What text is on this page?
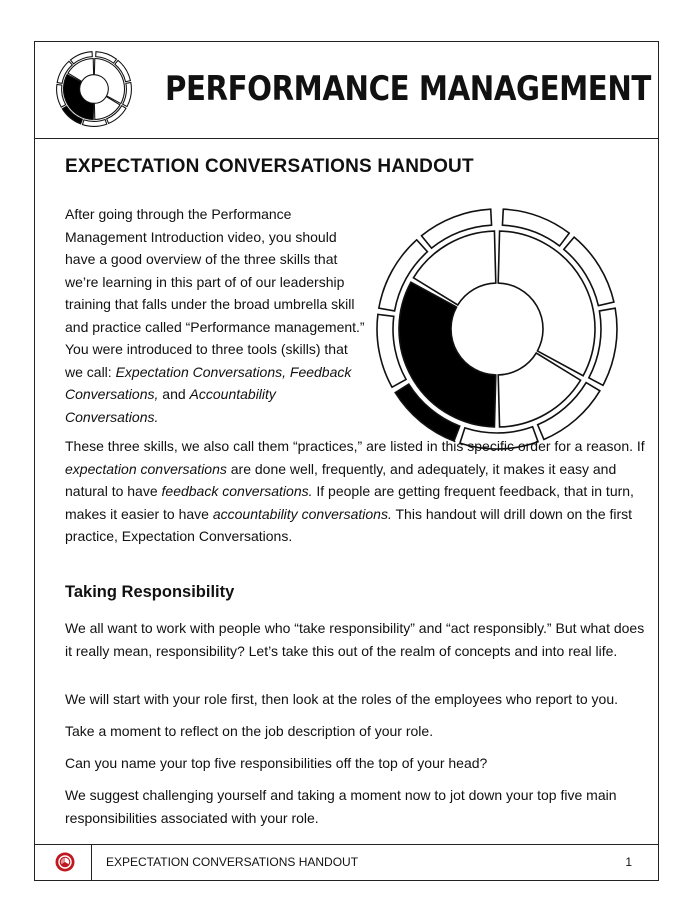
PERFORMANCE MANAGEMENT
EXPECTATION CONVERSATIONS HANDOUT
After going through the Performance Management Introduction video, you should have a good overview of the three skills that we’re learning in this part of of our leadership training that falls under the broad umbrella skill and practice called “Performance management.” You were introduced to three tools (skills) that we call: Expectation Conversations, Feedback Conversations, and Accountability Conversations.
These three skills, we also call them “practices,” are listed in this specific order for a reason. If expectation conversations are done well, frequently, and adequately, it makes it easy and natural to have feedback conversations. If people are getting frequent feedback, that in turn, makes it easier to have accountability conversations. This handout will drill down on the first practice, Expectation Conversations.
Taking Responsibility
We all want to work with people who “take responsibility” and “act responsibly.” But what does it really mean, responsibility? Let’s take this out of the realm of concepts and into real life.
We will start with your role first, then look at the roles of the employees who report to you.
Take a moment to reflect on the job description of your role.
Can you name your top five responsibilities off the top of your head?
We suggest challenging yourself and taking a moment now to jot down your top five main responsibilities associated with your role.
EXPECTATION CONVERSATIONS HANDOUT	1
